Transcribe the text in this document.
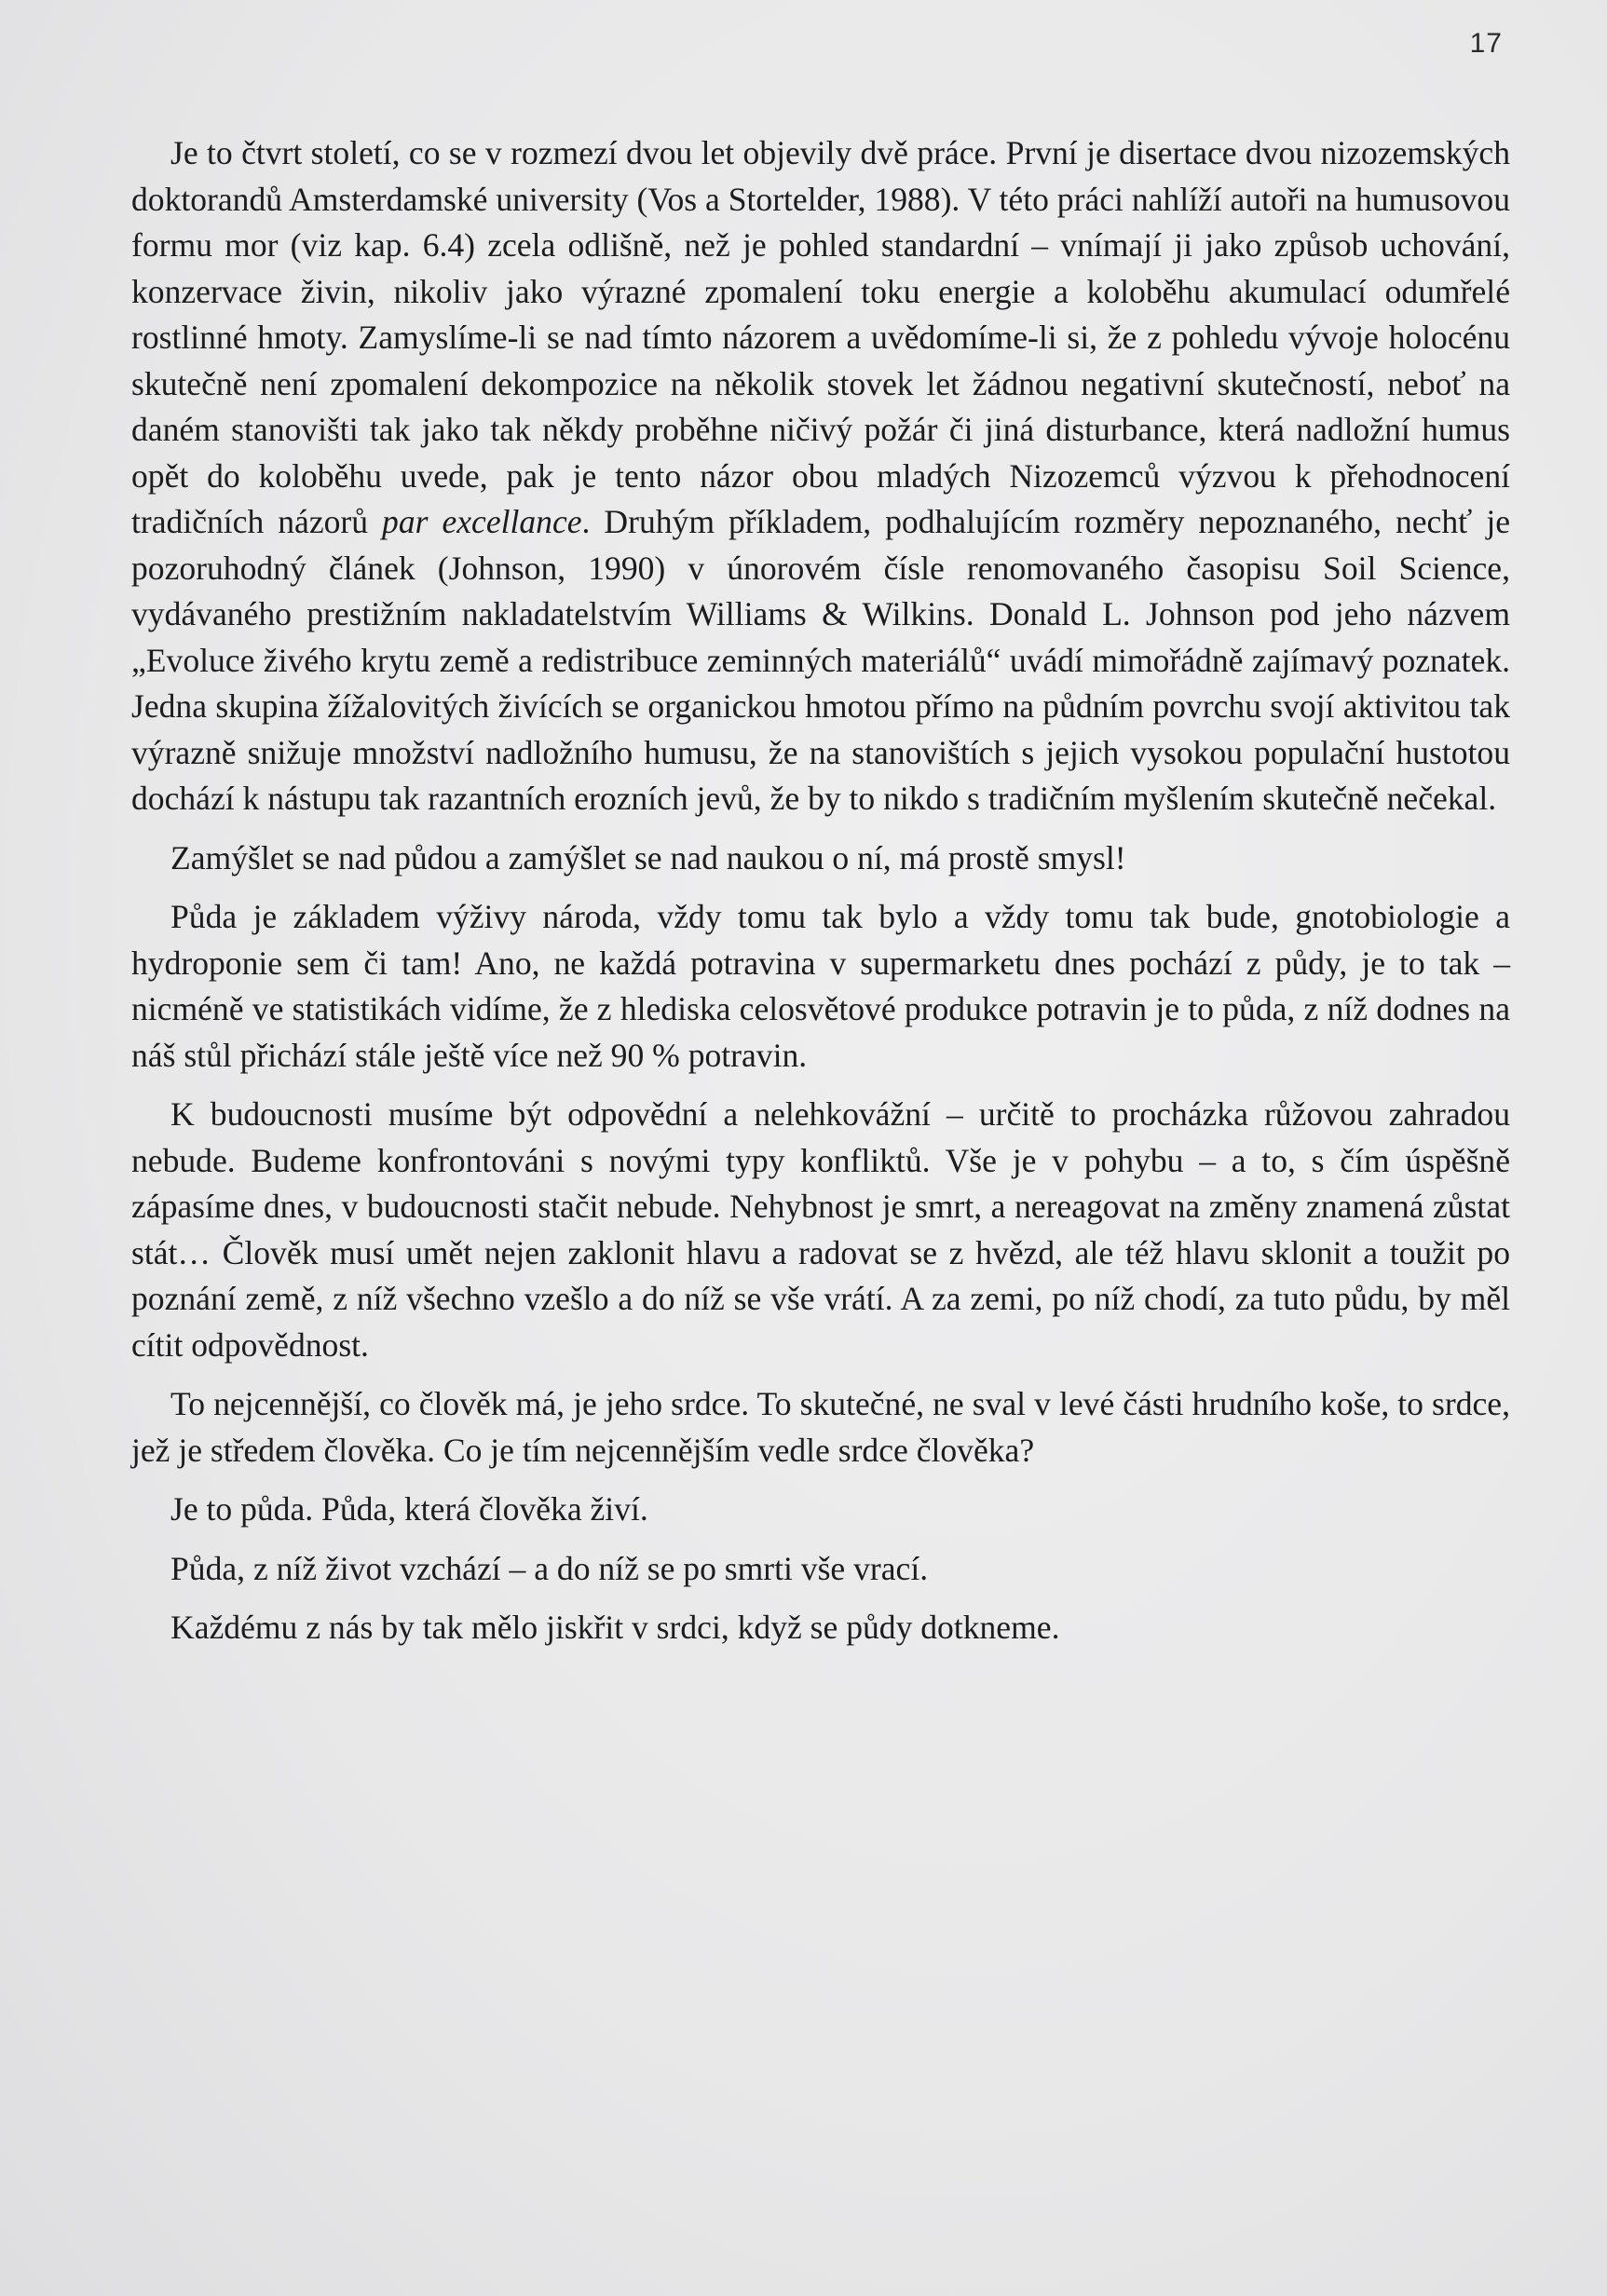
17

Je to čtvrt století, co se v rozmezí dvou let objevily dvě práce. První je disertace dvou nizozemských doktorandů Amsterdamské university (Vos a Stortelder, 1988). V této práci nahlíží autoři na humusovou formu mor (viz kap. 6.4) zcela odlišně, než je pohled standardní – vnímají ji jako způsob uchování, konzervace živin, nikoliv jako výrazné zpomalení toku energie a koloběhu akumulací odumřelé rostlinné hmoty. Zamyslíme-li se nad tímto názorem a uvědomíme-li si, že z pohledu vývoje holocénu skutečně není zpomalení dekompozice na několik stovek let žádnou negativní skutečností, neboť na daném stanovišti tak jako tak někdy proběhne ničivý požár či jiná disturbance, která nadložní humus opět do koloběhu uvede, pak je tento názor obou mladých Nizozemců výzvou k přehodnocení tradičních názorů par excellance. Druhým příkladem, podhalujícím rozměry nepoznaného, nechť je pozoruhodný článek (Johnson, 1990) v únorovém čísle renomovaného časopisu Soil Science, vydávaného prestižním nakladatelstvím Williams & Wilkins. Donald L. Johnson pod jeho názvem „Evoluce živého krytu země a redistribuce zeminných materiálů“ uvádí mimořádně zajímavý poznatek. Jedna skupina žížalovitých živících se organickou hmotou přímo na půdním povrchu svojí aktivitou tak výrazně snižuje množství nadložního humusu, že na stanovištích s jejich vysokou populační hustotou dochází k nástupu tak razantních erozních jevů, že by to nikdo s tradičním myšlením skutečně nečekal.

Zamýšlet se nad půdou a zamýšlet se nad naukou o ní, má prostě smysl!

Půda je základem výživy národa, vždy tomu tak bylo a vždy tomu tak bude, gnotobiologie a hydroponie sem či tam! Ano, ne každá potravina v supermarketu dnes pochází z půdy, je to tak – nicméně ve statistikách vidíme, že z hlediska celosvětové produkce potravin je to půda, z níž dodnes na náš stůl přichází stále ještě více než 90 % potravin.

K budoucnosti musíme být odpovědní a nelehkovážní – určitě to procházka růžovou zahradou nebude. Budeme konfrontováni s novými typy konfliktů. Vše je v pohybu – a to, s čím úspěšně zápasíme dnes, v budoucnosti stačit nebude. Nehybnost je smrt, a nereagovat na změny znamená zůstat stát… Člověk musí umět nejen zaklonit hlavu a radovat se z hvězd, ale též hlavu sklonit a toužit po poznání země, z níž všechno vzešlo a do níž se vše vrátí. A za zemi, po níž chodí, za tuto půdu, by měl cítit odpovědnost.

To nejcennější, co člověk má, je jeho srdce. To skutečné, ne sval v levé části hrudního koše, to srdce, jež je středem člověka. Co je tím nejcennějším vedle srdce člověka?

Je to půda. Půda, která člověka živí.

Půda, z níž život vzchází – a do níž se po smrti vše vrací.

Každému z nás by tak mělo jiskřit v srdci, když se půdy dotkneme.
